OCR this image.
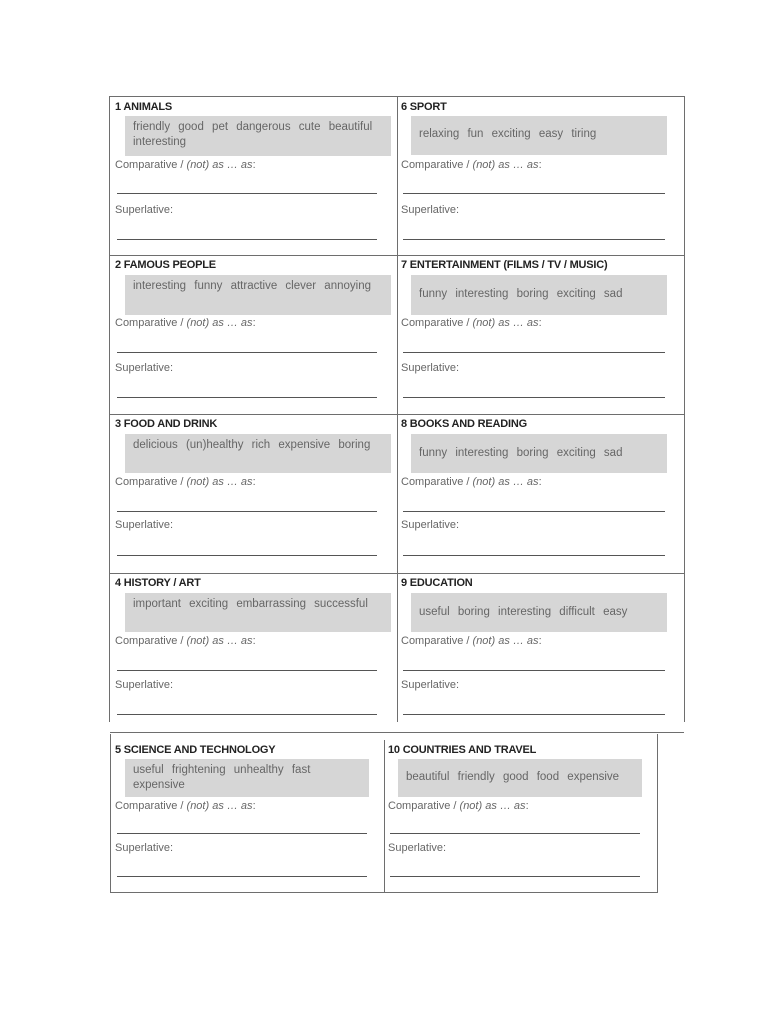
1 ANIMALS
friendly good pet dangerous cute beautiful interesting
Comparative / (not) as … as:
Superlative:
6 SPORT
relaxing fun exciting easy tiring
Comparative / (not) as … as:
Superlative:
2 FAMOUS PEOPLE
interesting funny attractive clever annoying
Comparative / (not) as … as:
Superlative:
7 ENTERTAINMENT (FILMS / TV / MUSIC)
funny interesting boring exciting sad
Comparative / (not) as … as:
Superlative:
3 FOOD AND DRINK
delicious (un)healthy rich expensive boring
Comparative / (not) as … as:
Superlative:
8 BOOKS AND READING
funny interesting boring exciting sad
Comparative / (not) as … as:
Superlative:
4 HISTORY / ART
important exciting embarrassing successful
Comparative / (not) as … as:
Superlative:
9 EDUCATION
useful boring interesting difficult easy
Comparative / (not) as … as:
Superlative:
5 SCIENCE AND TECHNOLOGY
useful frightening unhealthy fast expensive
Comparative / (not) as … as:
Superlative:
10 COUNTRIES AND TRAVEL
beautiful friendly good food expensive
Comparative / (not) as … as:
Superlative:
